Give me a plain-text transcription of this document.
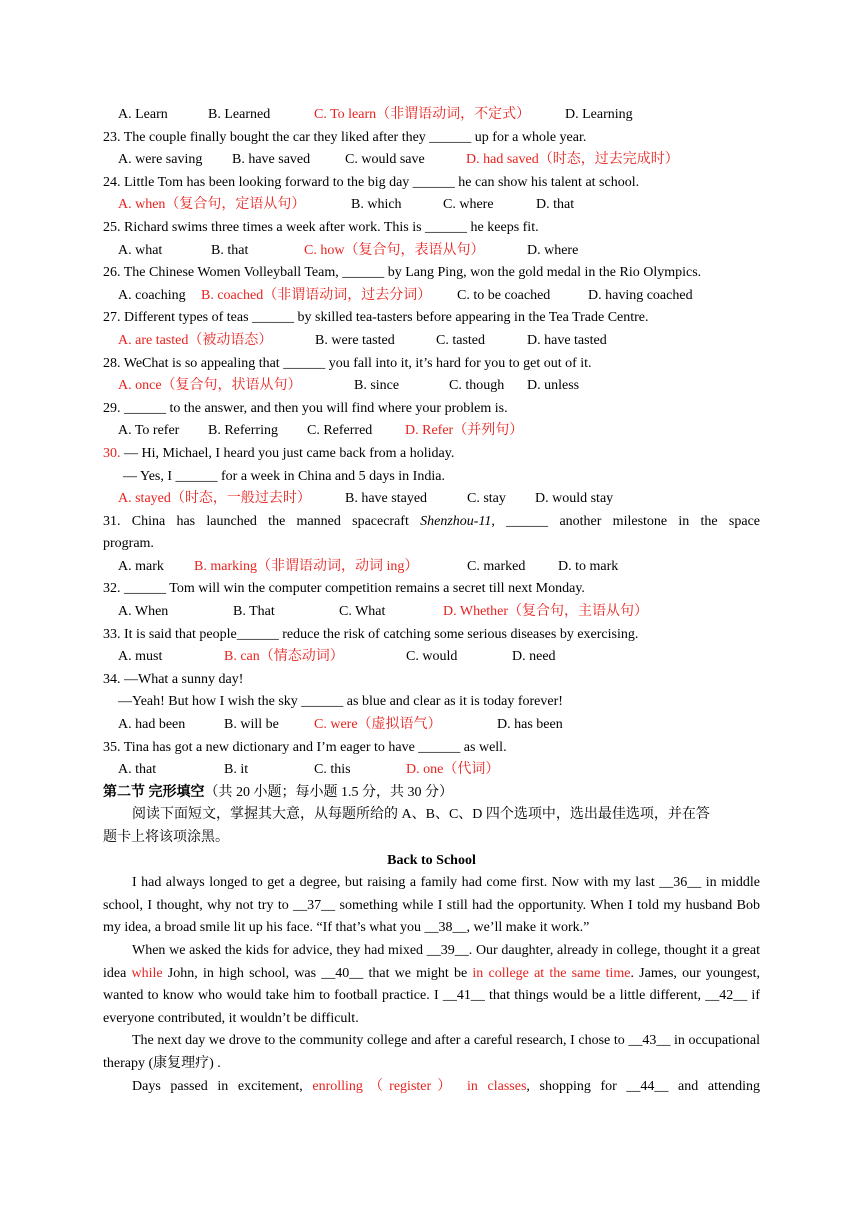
A. Learn	B. Learned	C. To learn（非谓语动词，不定式） D. Learning
23. The couple finally bought the car they liked after they ______ up for a whole year.
A. were saving B. have saved C. would save	D. had saved（时态，过去完成时）
24. Little Tom has been looking forward to the big day ______ he can show his talent at school.
A. when（复合句，定语从句）	B. which	C. where	D. that
25. Richard swims three times a week after work. This is ______ he keeps fit.
A. what	B. that	C. how（复合句，表语从句）	D. where
26. The Chinese Women Volleyball Team, ______ by Lang Ping, won the gold medal in the Rio Olympics.
A. coaching B. coached（非谓语动词，过去分词） C. to be coached	D. having coached
27. Different types of teas ______ by skilled tea-tasters before appearing in the Tea Trade Centre.
A. are tasted（被动语态）	B. were tasted	C. tasted	D. have tasted
28. WeChat is so appealing that ______ you fall into it, it’s hard for you to get out of it.
A. once（复合句，状语从句）	B. since	C. though D. unless
29. ______ to the answer, and then you will find where your problem is.
A. To refer B. Referring C. Referred D. Refer（并列句）
30. — Hi, Michael, I heard you just came back from a holiday.
— Yes, I ______ for a week in China and 5 days in India.
A. stayed（时态，一般过去时） B. have stayed	C. stay D. would stay
31. China has launched the manned spacecraft Shenzhou-11, ______ another milestone in the space
program.
A. mark B. marking（非谓语动词，动词 ing）	C. marked D. to mark
32. ______ Tom will win the computer competition remains a secret till next Monday.
A. When	B. That	C. What	D. Whether（复合句，主语从句）
33. It is said that people______ reduce the risk of catching some serious diseases by exercising.
A. must	B. can（情态动词）	C. would	D. need
34. —What a sunny day!
—Yeah! But how I wish the sky ______ as blue and clear as it is today forever!
A. had been	B. will be	C. were（虚拟语气）	D. has been
35. Tina has got a new dictionary and I’m eager to have ______ as well.
A. that	B. it	C. this	D. one（代词）
第二节 完形填空（共 20 小题；每小题 1.5 分，共 30 分）
阅读下面短文，掌握其大意，从每题所给的 A、B、C、D 四个选项中，选出最佳选项，并在答
题卡上将该项涂黑。
Back to School

I had always longed to get a degree, but raising a family had come first. Now with my last __36__ in middle school, I thought, why not try to __37__ something while I still had the opportunity. When I told my husband Bob my idea, a broad smile lit up his face. “If that’s what you __38__, we’ll make it work.”

When we asked the kids for advice, they had mixed __39__. Our daughter, already in college, thought it a great idea while John, in high school, was __40__ that we might be in college at the same time. James, our youngest, wanted to know who would take him to football practice. I __41__ that things would be a little different, __42__ if everyone contributed, it wouldn’t be difficult.

The next day we drove to the community college and after a careful research, I chose to __43__ in occupational therapy (康复理疗) .

Days passed in excitement, enrolling（register） in classes, shopping for __44__ and attending
